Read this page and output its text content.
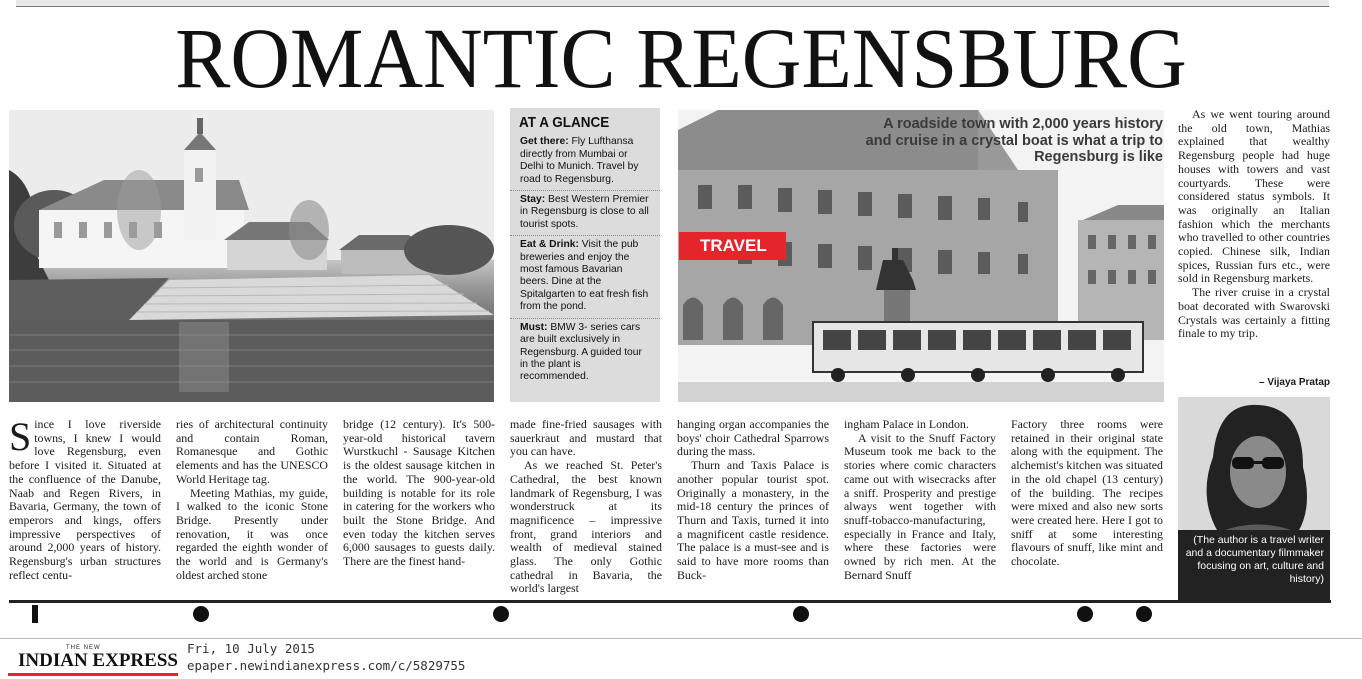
ROMANTIC REGENSBURG
AT A GLANCE
Get there: Fly Lufthansa directly from Mumbai or Delhi to Munich. Travel by road to Regensburg.
Stay: Best Western Premier in Regensburg is close to all tourist spots.
Eat & Drink: Visit the pub breweries and enjoy the most famous Bavarian beers. Dine at the Spitalgarten to eat fresh fish from the pond.
Must: BMW 3- series cars are built exclusively in Regensburg. A guided tour in the plant is recommended.
TRAVEL
A roadside town with 2,000 years history and cruise in a crystal boat is what a trip to Regensburg is like

Since I love riverside towns, I knew I would love Regensburg, even before I visited it. Situated at the confluence of the Danube, Naab and Regen Rivers, in Bavaria, Germany, the town of emperors and kings, offers impressive perspectives of around 2,000 years of history. Regensburg's urban structures reflect centu-

ries of architectural continuity and contain Roman, Romanesque and Gothic elements and has the UNESCO World Heritage tag.

Meeting Mathias, my guide, I walked to the iconic Stone Bridge. Presently under renovation, it was once regarded the eighth wonder of the world and is Germany's oldest arched stone

bridge (12 century). It's 500-year-old historical tavern Wurstkuchl - Sausage Kitchen is the oldest sausage kitchen in the world. The 900-year-old building is notable for its role in catering for the workers who built the Stone Bridge. And even today the kitchen serves 6,000 sausages to guests daily. There are the finest hand-

made fine-fried sausages with sauerkraut and mustard that you can have.

As we reached St. Peter's Cathedral, the best known landmark of Regensburg, I was wonderstruck at its magnificence – impressive front, grand interiors and wealth of medieval stained glass. The only Gothic cathedral in Bavaria, the world's largest

hanging organ accompanies the boys' choir Cathedral Sparrows during the mass.

Thurn and Taxis Palace is another popular tourist spot. Originally a monastery, in the mid-18 century the princes of Thurn and Taxis, turned it into a magnificent castle residence. The palace is a must-see and is said to have more rooms than Buck-

ingham Palace in London.

A visit to the Snuff Factory Museum took me back to the stories where comic characters came out with wisecracks after a sniff. Prosperity and prestige always went together with snuff-tobacco-manufacturing, especially in France and Italy, where these factories were owned by rich men. At the Bernard Snuff

Factory three rooms were retained in their original state along with the equipment. The alchemist's kitchen was situated in the old chapel (13 century) of the building. The recipes were mixed and also new sorts were created here. Here I got to sniff at some interesting flavours of snuff, like mint and chocolate.

As we went touring around the old town, Mathias explained that wealthy Regensburg people had huge houses with towers and vast courtyards. These were considered status symbols. It was originally an Italian fashion which the merchants who travelled to other countries copied. Chinese silk, Indian spices, Russian furs etc., were sold in Regensburg markets.

The river cruise in a crystal boat decorated with Swarovski Crystals was certainly a fitting finale to my trip.

– Vijaya Pratap
(The author is a travel writer and a documentary filmmaker focusing on art, culture and history)
THE NEW
INDIAN EXPRESS
Fri, 10 July 2015
epaper.newindianexpress.com/c/5829755
